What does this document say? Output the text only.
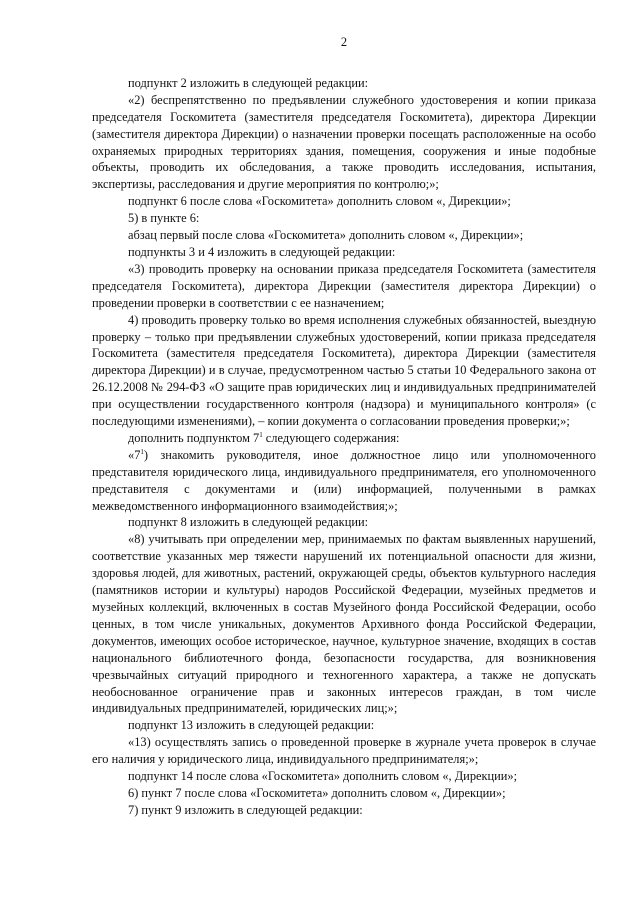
2

подпункт 2 изложить в следующей редакции:

«2) беспрепятственно по предъявлении служебного удостоверения и копии приказа председателя Госкомитета (заместителя председателя Госкомитета), директора Дирекции (заместителя директора Дирекции) о назначении проверки посещать расположенные на особо охраняемых природных территориях здания, помещения, сооружения и иные подобные объекты, проводить их обследования, а также проводить исследования, испытания, экспертизы, расследования и другие мероприятия по контролю;»;

подпункт 6 после слова «Госкомитета» дополнить словом «, Дирекции»;

5) в пункте 6:

абзац первый после слова «Госкомитета» дополнить словом «, Дирекции»;

подпункты 3 и 4 изложить в следующей редакции:

«3) проводить проверку на основании приказа председателя Госкомитета (заместителя председателя Госкомитета), директора Дирекции (заместителя директора Дирекции) о проведении проверки в соответствии с ее назначением;

4) проводить проверку только во время исполнения служебных обязанностей, выездную проверку – только при предъявлении служебных удостоверений, копии приказа председателя Госкомитета (заместителя председателя Госкомитета), директора Дирекции (заместителя директора Дирекции) и в случае, предусмотренном частью 5 статьи 10 Федерального закона от 26.12.2008 № 294-ФЗ «О защите прав юридических лиц и индивидуальных предпринимателей при осуществлении государственного контроля (надзора) и муниципального контроля» (с последующими изменениями), – копии документа о согласовании проведения проверки;»;

дополнить подпунктом $7^1$ следующего содержания:

«$7^1$) знакомить руководителя, иное должностное лицо или уполномоченного представителя юридического лица, индивидуального предпринимателя, его уполномоченного представителя с документами и (или) информацией, полученными в рамках межведомственного информационного взаимодействия;»;

подпункт 8 изложить в следующей редакции:

«8) учитывать при определении мер, принимаемых по фактам выявленных нарушений, соответствие указанных мер тяжести нарушений их потенциальной опасности для жизни, здоровья людей, для животных, растений, окружающей среды, объектов культурного наследия (памятников истории и культуры) народов Российской Федерации, музейных предметов и музейных коллекций, включенных в состав Музейного фонда Российской Федерации, особо ценных, в том числе уникальных, документов Архивного фонда Российской Федерации, документов, имеющих особое историческое, научное, культурное значение, входящих в состав национального библиотечного фонда, безопасности государства, для возникновения чрезвычайных ситуаций природного и техногенного характера, а также не допускать необоснованное ограничение прав и законных интересов граждан, в том числе индивидуальных предпринимателей, юридических лиц;»;

подпункт 13 изложить в следующей редакции:

«13) осуществлять запись о проведенной проверке в журнале учета проверок в случае его наличия у юридического лица, индивидуального предпринимателя;»;

подпункт 14 после слова «Госкомитета» дополнить словом «, Дирекции»;

6) пункт 7 после слова «Госкомитета» дополнить словом «, Дирекции»;

7) пункт 9 изложить в следующей редакции:
